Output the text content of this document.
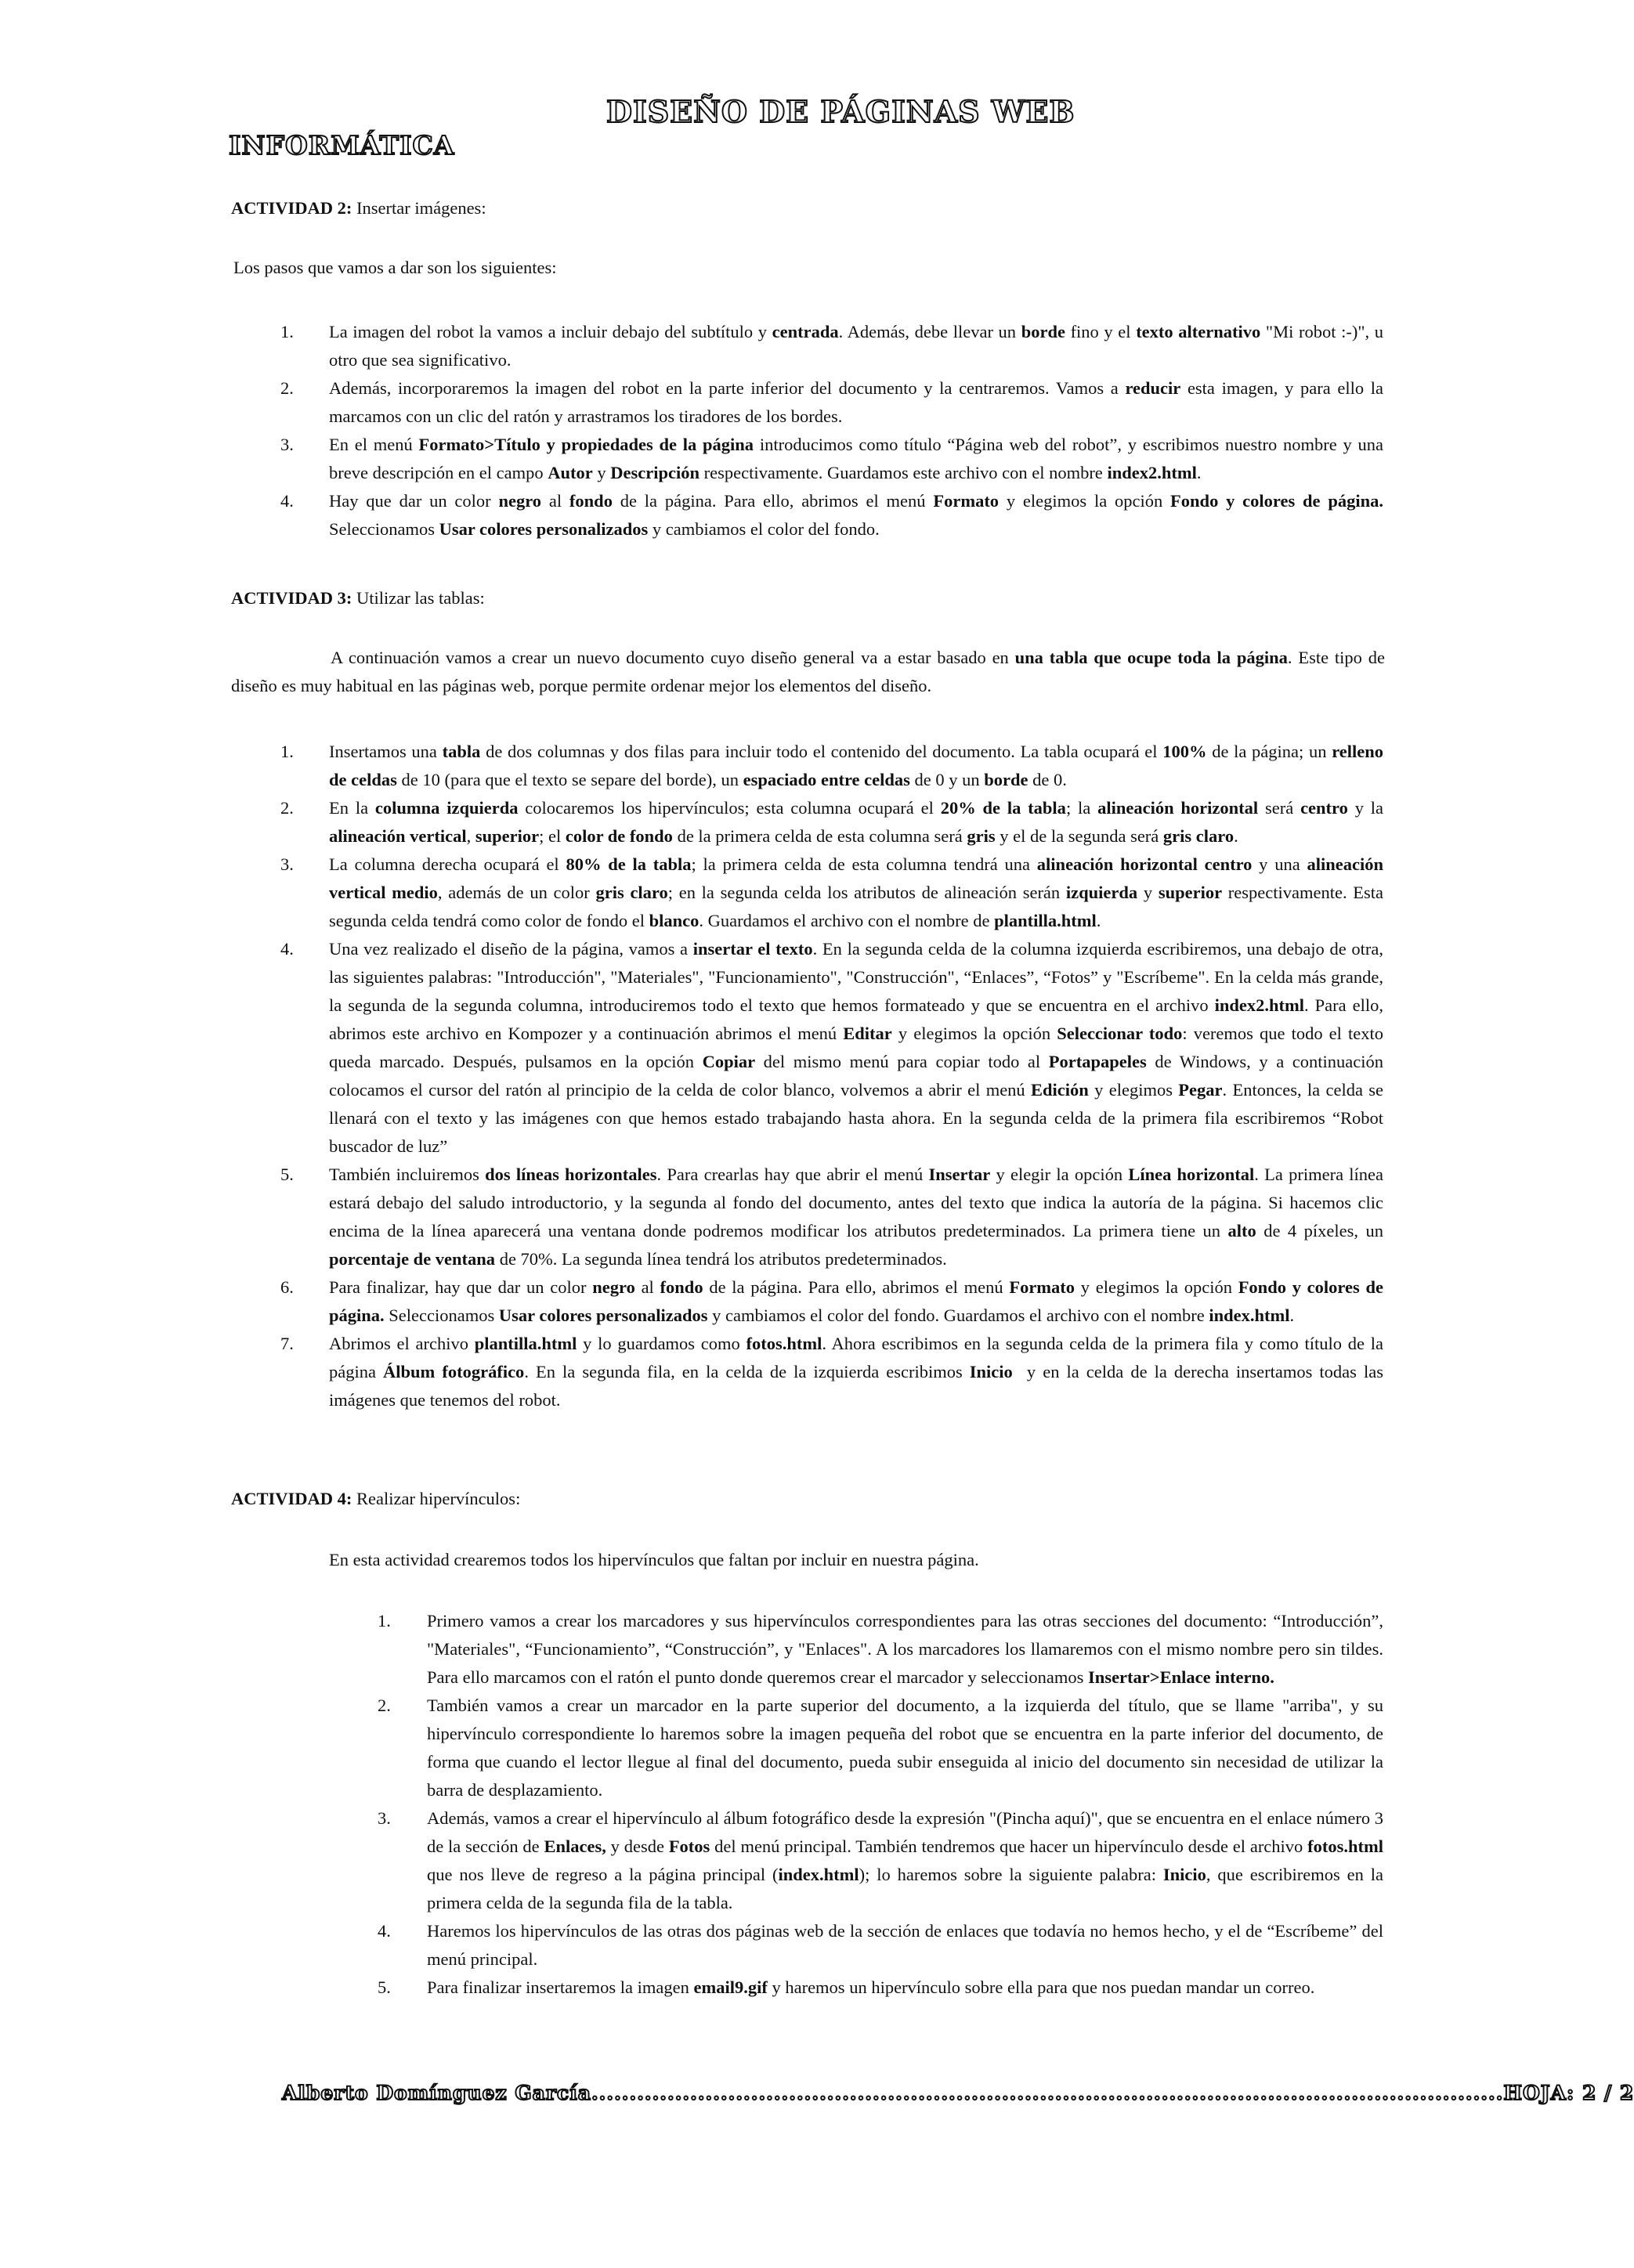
INFORMÁTICA
DISEÑO DE PÁGINAS WEB

ACTIVIDAD 2: Insertar imágenes:

Los pasos que vamos a dar son los siguientes:

1. La imagen del robot la vamos a incluir debajo del subtítulo y centrada. Además, debe llevar un borde fino y el texto alternativo "Mi robot :-)", u otro que sea significativo.
2. Además, incorporaremos la imagen del robot en la parte inferior del documento y la centraremos. Vamos a reducir esta imagen, y para ello la marcamos con un clic del ratón y arrastramos los tiradores de los bordes.
3. En el menú Formato>Título y propiedades de la página introducimos como título “Página web del robot”, y escribimos nuestro nombre y una breve descripción en el campo Autor y Descripción respectivamente. Guardamos este archivo con el nombre index2.html.
4. Hay que dar un color negro al fondo de la página. Para ello, abrimos el menú Formato y elegimos la opción Fondo y colores de página. Seleccionamos Usar colores personalizados y cambiamos el color del fondo.

ACTIVIDAD 3: Utilizar las tablas:

A continuación vamos a crear un nuevo documento cuyo diseño general va a estar basado en una tabla que ocupe toda la página. Este tipo de diseño es muy habitual en las páginas web, porque permite ordenar mejor los elementos del diseño.

1. Insertamos una tabla de dos columnas y dos filas para incluir todo el contenido del documento. La tabla ocupará el 100% de la página; un relleno de celdas de 10 (para que el texto se separe del borde), un espaciado entre celdas de 0 y un borde de 0.
2. En la columna izquierda colocaremos los hipervínculos; esta columna ocupará el 20% de la tabla; la alineación horizontal será centro y la alineación vertical, superior; el color de fondo de la primera celda de esta columna será gris y el de la segunda será gris claro.
3. La columna derecha ocupará el 80% de la tabla; la primera celda de esta columna tendrá una alineación horizontal centro y una alineación vertical medio, además de un color gris claro; en la segunda celda los atributos de alineación serán izquierda y superior respectivamente. Esta segunda celda tendrá como color de fondo el blanco. Guardamos el archivo con el nombre de plantilla.html.
4. Una vez realizado el diseño de la página, vamos a insertar el texto. En la segunda celda de la columna izquierda escribiremos, una debajo de otra, las siguientes palabras: "Introducción", "Materiales", "Funcionamiento", "Construcción", “Enlaces”, “Fotos” y "Escríbeme". En la celda más grande, la segunda de la segunda columna, introduciremos todo el texto que hemos formateado y que se encuentra en el archivo index2.html. Para ello, abrimos este archivo en Kompozer y a continuación abrimos el menú Editar y elegimos la opción Seleccionar todo: veremos que todo el texto queda marcado. Después, pulsamos en la opción Copiar del mismo menú para copiar todo al Portapapeles de Windows, y a continuación colocamos el cursor del ratón al principio de la celda de color blanco, volvemos a abrir el menú Edición y elegimos Pegar. Entonces, la celda se llenará con el texto y las imágenes con que hemos estado trabajando hasta ahora. En la segunda celda de la primera fila escribiremos “Robot buscador de luz”
5. También incluiremos dos líneas horizontales. Para crearlas hay que abrir el menú Insertar y elegir la opción Línea horizontal. La primera línea estará debajo del saludo introductorio, y la segunda al fondo del documento, antes del texto que indica la autoría de la página. Si hacemos clic encima de la línea aparecerá una ventana donde podremos modificar los atributos predeterminados. La primera tiene un alto de 4 píxeles, un porcentaje de ventana de 70%. La segunda línea tendrá los atributos predeterminados.
6. Para finalizar, hay que dar un color negro al fondo de la página. Para ello, abrimos el menú Formato y elegimos la opción Fondo y colores de página. Seleccionamos Usar colores personalizados y cambiamos el color del fondo. Guardamos el archivo con el nombre index.html.
7. Abrimos el archivo plantilla.html y lo guardamos como fotos.html. Ahora escribimos en la segunda celda de la primera fila y como título de la página Álbum fotográfico. En la segunda fila, en la celda de la izquierda escribimos Inicio  y en la celda de la derecha insertamos todas las imágenes que tenemos del robot.

ACTIVIDAD 4: Realizar hipervínculos:

En esta actividad crearemos todos los hipervínculos que faltan por incluir en nuestra página.

1. Primero vamos a crear los marcadores y sus hipervínculos correspondientes para las otras secciones del documento: “Introducción”, "Materiales", “Funcionamiento”, “Construcción”, y "Enlaces". A los marcadores los llamaremos con el mismo nombre pero sin tildes. Para ello marcamos con el ratón el punto donde queremos crear el marcador y seleccionamos Insertar>Enlace interno.
2. También vamos a crear un marcador en la parte superior del documento, a la izquierda del título, que se llame "arriba", y su hipervínculo correspondiente lo haremos sobre la imagen pequeña del robot que se encuentra en la parte inferior del documento, de forma que cuando el lector llegue al final del documento, pueda subir enseguida al inicio del documento sin necesidad de utilizar la barra de desplazamiento.
3. Además, vamos a crear el hipervínculo al álbum fotográfico desde la expresión "(Pincha aquí)", que se encuentra en el enlace número 3 de la sección de Enlaces, y desde Fotos del menú principal. También tendremos que hacer un hipervínculo desde el archivo fotos.html que nos lleve de regreso a la página principal (index.html); lo haremos sobre la siguiente palabra: Inicio, que escribiremos en la primera celda de la segunda fila de la tabla.
4. Haremos los hipervínculos de las otras dos páginas web de la sección de enlaces que todavía no hemos hecho, y el de “Escríbeme” del menú principal.
5. Para finalizar insertaremos la imagen email9.gif y haremos un hipervínculo sobre ella para que nos puedan mandar un correo.
Alberto Domínguez García........................................................................................................................HOJA: 2 / 2
